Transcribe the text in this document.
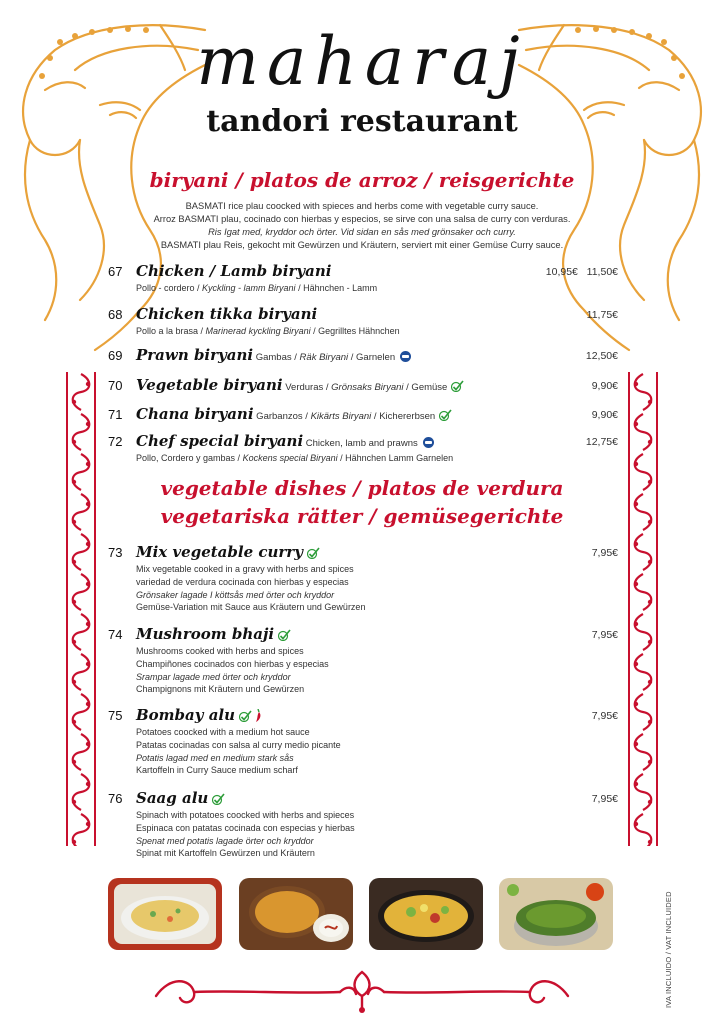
maharaj
tandori restaurant
biryani / platos de arroz / reisgerichte
BASMATI rice plau coocked with spieces and herbs come with vegetable curry sauce.
Arroz BASMATI plau, cocinado con hierbas y especios, se sirve con una salsa de curry con verduras.
Ris Igat med, kryddor och örter. Vid sidan en sås med grönsaker och curry.
BASMATI plau Reis, gekocht mit Gewürzen und Kräutern, serviert mit einer Gemüse Curry sauce.
67 Chicken / Lamb biryani	10,95€ 11,50€
Pollo - cordero / Kyckling - lamm Biryani / Hähnchen - Lamm
68 Chicken tikka biryani	11,75€
Pollo a la brasa / Marinerad kyckling Biryani / Gegrilltes Hähnchen
69 Prawn biryani Gambas / Räk Biryani / Garnelen	12,50€
70 Vegetable biryani Verduras / Grönsaks Biryani / Gemüse	9,90€
71 Chana biryani Garbanzos / Kikärts Biryani / Kichererbsen	9,90€
72 Chef special biryani Chicken, lamb and prawns	12,75€
Pollo, Cordero y gambas / Kockens special Biryani / Hähnchen Lamm Garnelen
vegetable dishes / platos de verdura
vegetariska rätter / gemüsegerichte
73 Mix vegetable curry	7,95€
Mix vegetable cooked in a gravy with herbs and spices
variedad de verdura cocinada con hierbas y especias
Grönsaker lagade I köttsås med örter och kryddor
Gemüse-Variation mit Sauce aus Kräutern und Gewürzen
74 Mushroom bhaji	7,95€
Mushrooms cooked with herbs and spices
Champiñones cocinados con hierbas y especias
Srampar lagade med örter och kryddor
Champignons mit Kräutern und Gewürzen
75 Bombay alu	7,95€
Potatoes coocked with a medium hot sauce
Patatas cocinadas con salsa al curry medio picante
Potatis lagad med en medium stark sås
Kartoffeln in Curry Sauce medium scharf
76 Saag alu	7,95€
Spinach with potatoes coocked with herbs and spieces
Espinaca con patatas cocinada con especias y hierbas
Spenat med potatis lagade örter och kryddor
Spinat mit Kartoffeln Gewürzen und Kräutern
IVA INCLUIDO / VAT INCLUIDED
